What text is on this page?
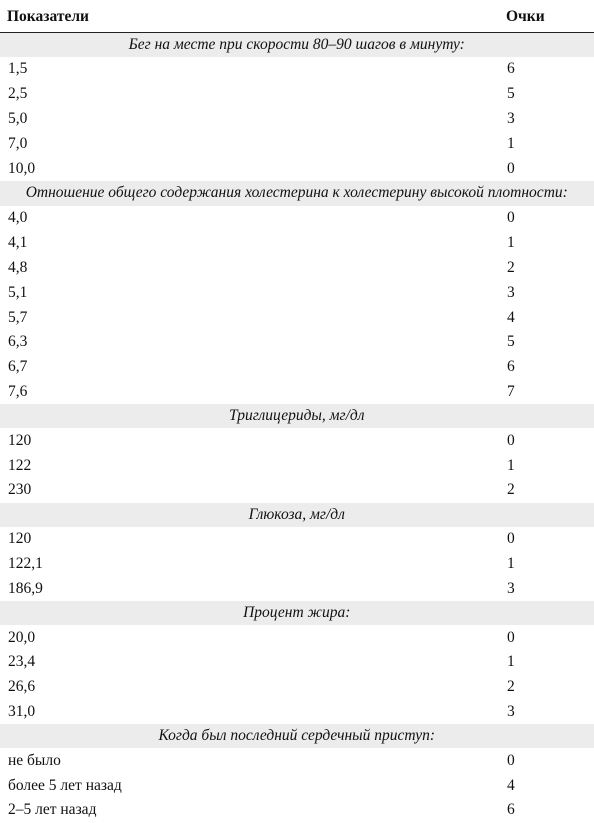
Показатели	Очки
Бег на месте при скорости 80–90 шагов в минуту:	
1,5	6
2,5	5
5,0	3
7,0	1
10,0	0
Отношение общего содержания холестерина к холестерину высокой плотности:	
4,0	0
4,1	1
4,8	2
5,1	3
5,7	4
6,3	5
6,7	6
7,6	7
Триглицериды, мг/дл	
120	0
122	1
230	2
Глюкоза, мг/дл	
120	0
122,1	1
186,9	3
Процент жира:	
20,0	0
23,4	1
26,6	2
31,0	3
Когда был последний сердечный приступ:	
не было	0
более 5 лет назад	4
2–5 лет назад	6
